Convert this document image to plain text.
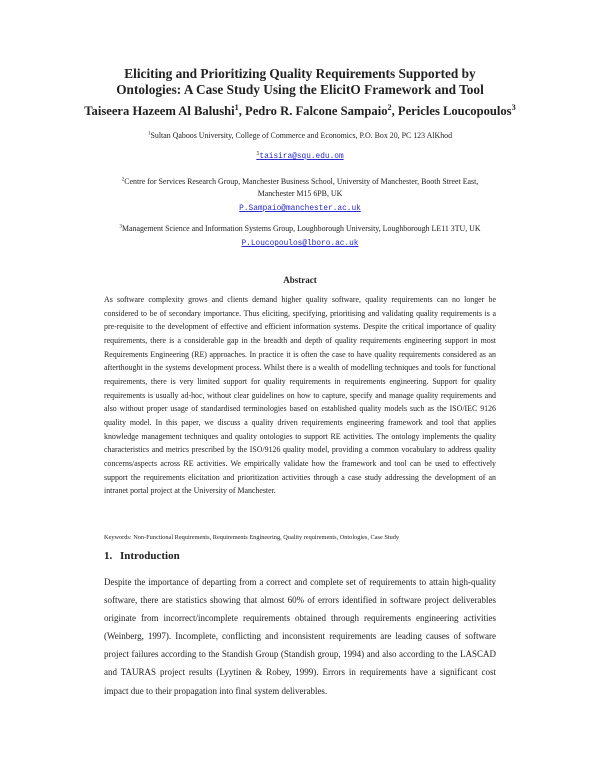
Eliciting and Prioritizing Quality Requirements Supported by
Ontologies: A Case Study Using the ElicitO Framework and Tool
Taiseera Hazeem Al Balushi$^1$, Pedro R. Falcone Sampaio$^2$, Pericles Loucopoulos$^3$
$^1$Sultan Qaboos University, College of Commerce and Economics, P.O. Box 20, PC 123 AlKhod
$^1$taisira@squ.edu.om
$^2$Centre for Services Research Group, Manchester Business School, University of Manchester, Booth Street East,
Manchester M15 6PB, UK
P.Sampaio@manchester.ac.uk
$^3$Management Science and Information Systems Group, Loughborough University, Loughborough LE11 3TU, UK
P.Loucopoulos@lboro.ac.uk
Abstract
As software complexity grows and clients demand higher quality software, quality requirements can no longer be considered to be of secondary importance. Thus eliciting, specifying, prioritising and validating quality requirements is a pre-requisite to the development of effective and efficient information systems. Despite the critical importance of quality requirements, there is a considerable gap in the breadth and depth of quality requirements engineering support in most Requirements Engineering (RE) approaches. In practice it is often the case to have quality requirements considered as an afterthought in the systems development process. Whilst there is a wealth of modelling techniques and tools for functional requirements, there is very limited support for quality requirements in requirements engineering. Support for quality requirements is usually ad-hoc, without clear guidelines on how to capture, specify and manage quality requirements and also without proper usage of standardised terminologies based on established quality models such as the ISO/IEC 9126 quality model. In this paper, we discuss a quality driven requirements engineering framework and tool that applies knowledge management techniques and quality ontologies to support RE activities. The ontology implements the quality characteristics and metrics prescribed by the ISO/9126 quality model, providing a common vocabulary to address quality concerns/aspects across RE activities. We empirically validate how the framework and tool can be used to effectively support the requirements elicitation and prioritization activities through a case study addressing the development of an intranet portal project at the University of Manchester.
Keywords: Non-Functional Requirements, Requirements Engineering, Quality requirements, Ontologies, Case Study
1. Introduction
Despite the importance of departing from a correct and complete set of requirements to attain high-quality software, there are statistics showing that almost 60% of errors identified in software project deliverables originate from incorrect/incomplete requirements obtained through requirements engineering activities (Weinberg, 1997). Incomplete, conflicting and inconsistent requirements are leading causes of software project failures according to the Standish Group (Standish group, 1994) and also according to the LASCAD and TAURAS project results (Lyytinen & Robey, 1999). Errors in requirements have a significant cost impact due to their propagation into final system deliverables.
